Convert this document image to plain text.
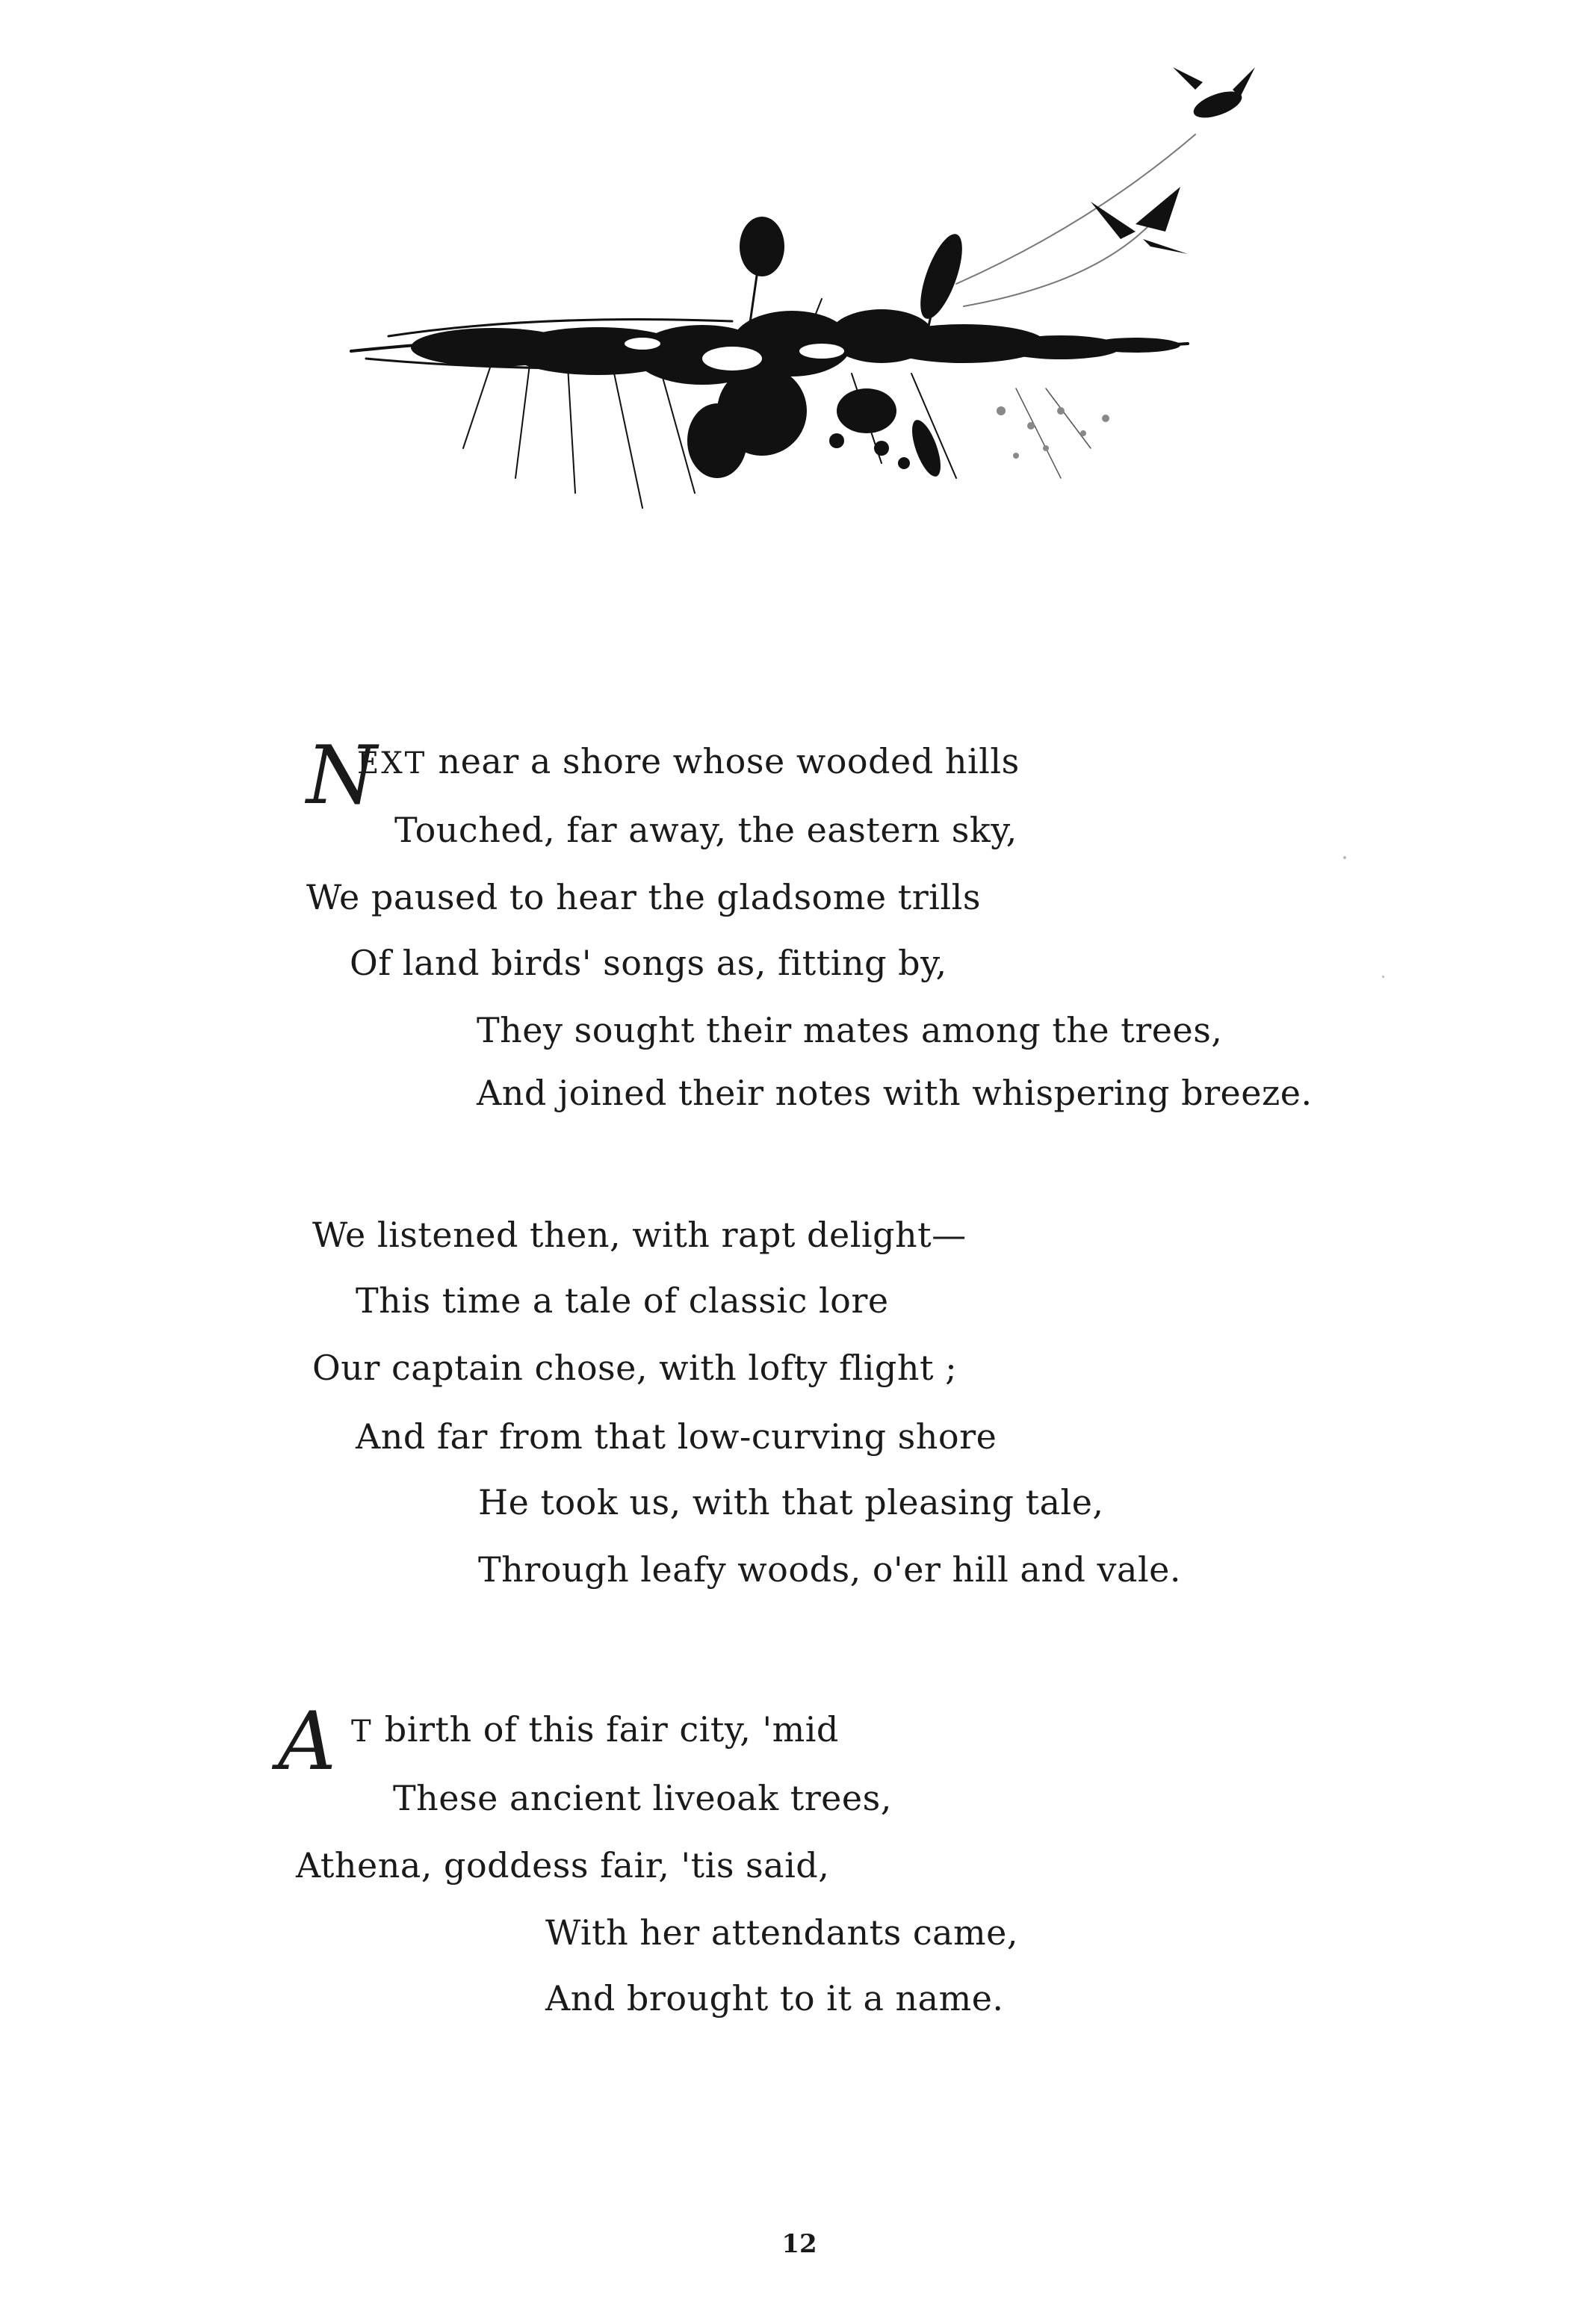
N
EXT near a shore whose wooded hills
Touched, far away, the eastern sky,
We paused to hear the gladsome trills
Of land birds' songs as, fitting by,
They sought their mates among the trees,
And joined their notes with whispering breeze.
We listened then, with rapt delight—
This time a tale of classic lore
Our captain chose, with lofty flight ;
And far from that low-curving shore
He took us, with that pleasing tale,
Through leafy woods, o'er hill and vale.
A T birth of this fair city, 'mid
These ancient liveoak trees,
Athena, goddess fair, 'tis said,
With her attendants came,
And brought to it a name.
12
